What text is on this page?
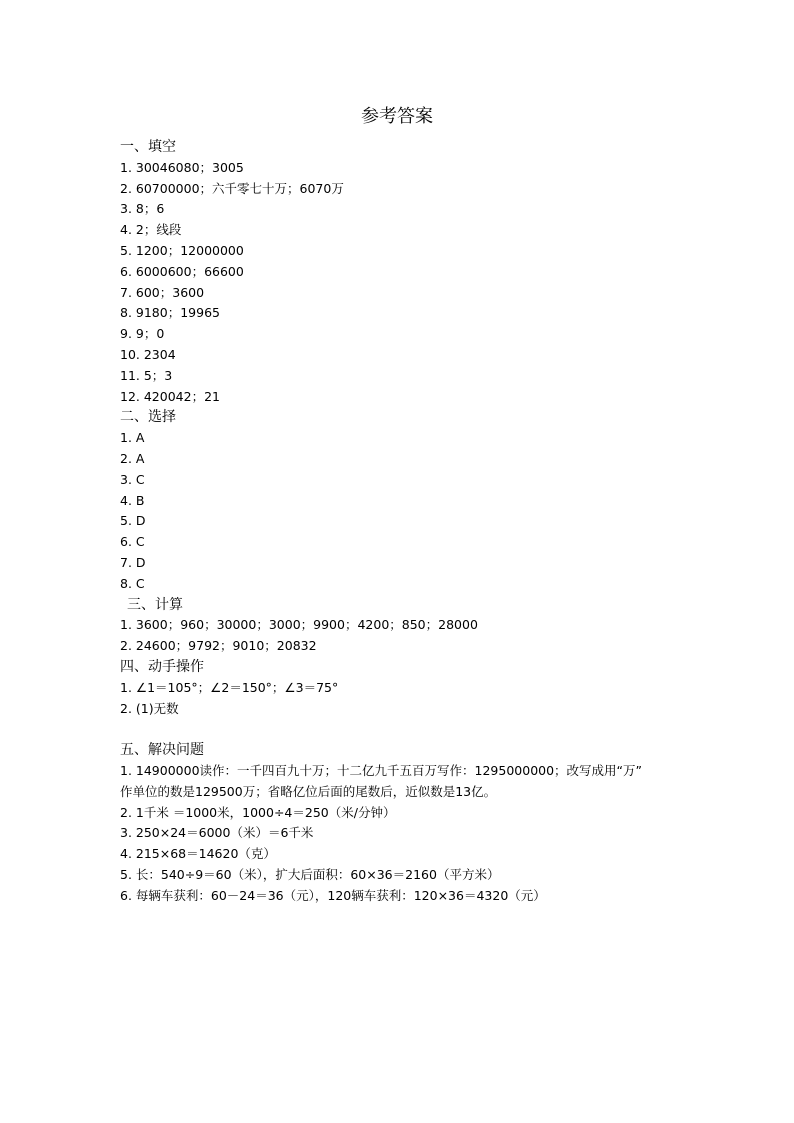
参考答案
一、填空
1. 30046080；3005
2. 60700000；六千零七十万；6070万
3. 8；6
4. 2；线段
5. 1200；12000000
6. 6000600；66600
7. 600；3600
8. 9180；19965
9. 9；0
10. 2304
11. 5；3
12. 420042；21
二、选择
1. A
2. A
3. C
4. B
5. D
6. C
7. D
8. C
三、计算
1. 3600；960；30000；3000；9900；4200；850；28000
2. 24600；9792；9010；20832
四、动手操作
1. ∠1＝105°；∠2＝150°；∠3＝75°
2. (1)无数
五、解决问题
1. 14900000读作：一千四百九十万；十二亿九千五百万写作：1295000000；改写成用“万”
作单位的数是129500万；省略亿位后面的尾数后，近似数是13亿。
2. 1千米 ＝1000米，1000÷4＝250（米/分钟）
3. 250×24＝6000（米）＝6千米
4. 215×68＝14620（克）
5. 长：540÷9＝60（米），扩大后面积：60×36＝2160（平方米）
6. 每辆车获利：60－24＝36（元），120辆车获利：120×36＝4320（元）
